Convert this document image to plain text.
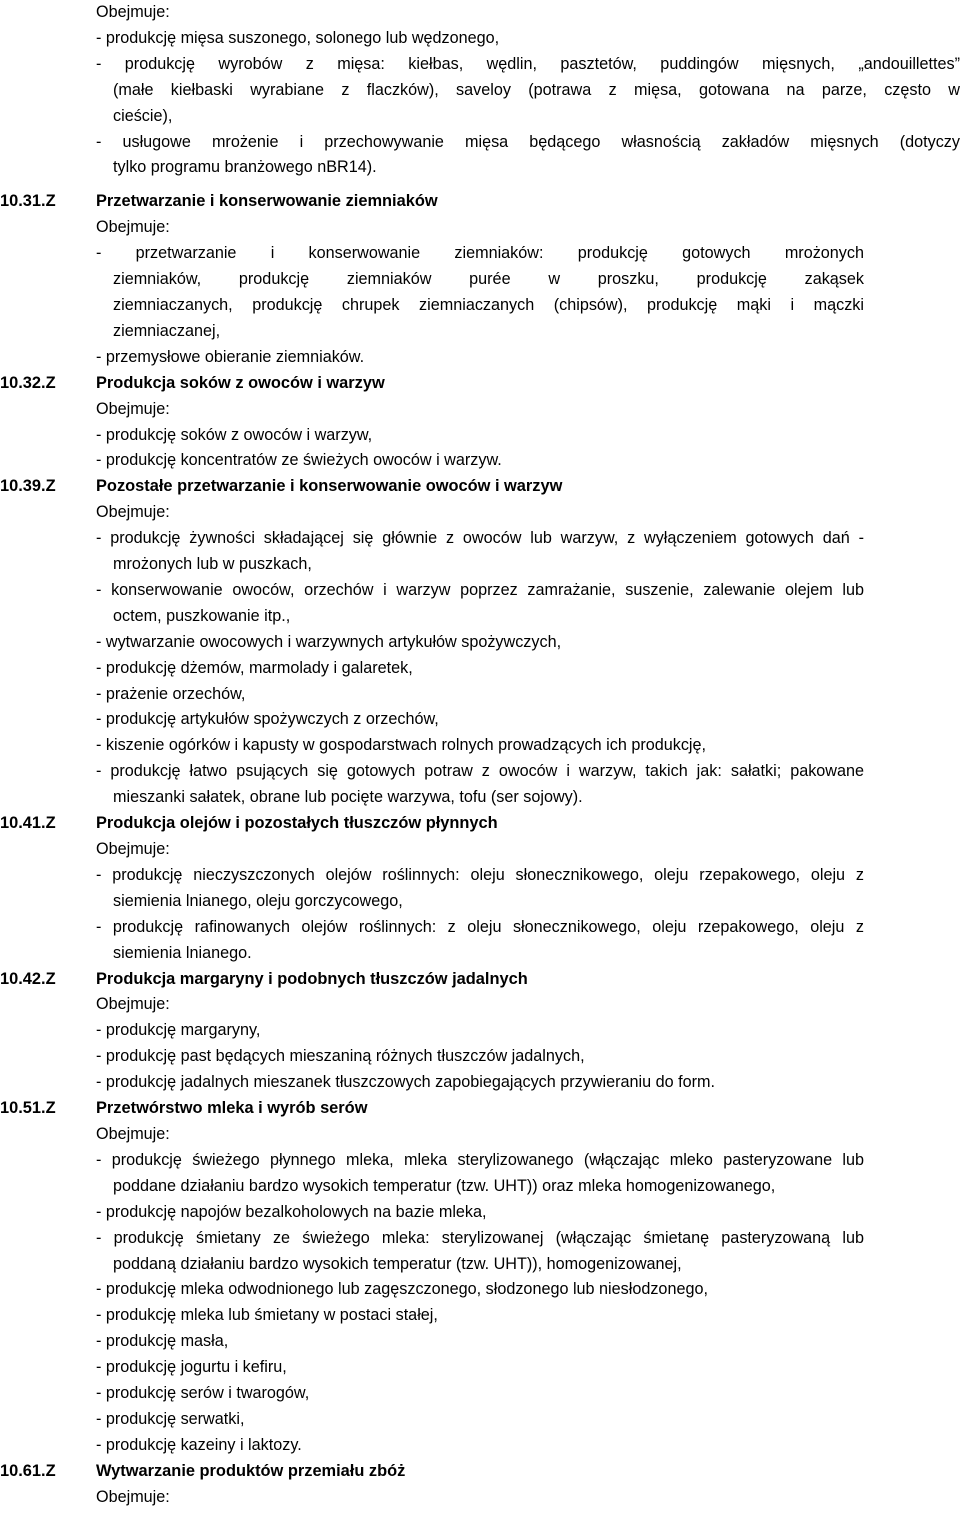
Obejmuje:
- produkcję mięsa suszonego, solonego lub wędzonego,
- produkcję wyrobów z mięsa: kiełbas, wędlin, pasztetów, puddingów mięsnych, „andouillettes”
(małe kiełbaski wyrabiane z flaczków), saveloy (potrawa z mięsa, gotowana na parze, często w
cieście),
- usługowe mrożenie i przechowywanie mięsa będącego własnością zakładów mięsnych (dotyczy
tylko programu branżowego nBR14).
10.31.Z	Przetwarzanie i konserwowanie ziemniaków
Obejmuje:
- przetwarzanie i konserwowanie ziemniaków: produkcję gotowych mrożonych
ziemniaków, produkcję ziemniaków purée w proszku, produkcję zakąsek
ziemniaczanych, produkcję chrupek ziemniaczanych (chipsów), produkcję mąki i mączki
ziemniaczanej,
- przemysłowe obieranie ziemniaków.
10.32.Z	Produkcja soków z owoców i warzyw
Obejmuje:
- produkcję soków z owoców i warzyw,
- produkcję koncentratów ze świeżych owoców i warzyw.
10.39.Z	Pozostałe przetwarzanie i konserwowanie owoców i warzyw
Obejmuje:
- produkcję żywności składającej się głównie z owoców lub warzyw, z wyłączeniem gotowych dań -
mrożonych lub w puszkach,
- konserwowanie owoców, orzechów i warzyw poprzez zamrażanie, suszenie, zalewanie olejem lub
octem, puszkowanie itp.,
- wytwarzanie owocowych i warzywnych artykułów spożywczych,
- produkcję dżemów, marmolady i galaretek,
- prażenie orzechów,
- produkcję artykułów spożywczych z orzechów,
- kiszenie ogórków i kapusty w gospodarstwach rolnych prowadzących ich produkcję,
- produkcję łatwo psujących się gotowych potraw z owoców i warzyw, takich jak: sałatki; pakowane
mieszanki sałatek, obrane lub pocięte warzywa, tofu (ser sojowy).
10.41.Z	Produkcja olejów i pozostałych tłuszczów płynnych
Obejmuje:
- produkcję nieczyszczonych olejów roślinnych: oleju słonecznikowego, oleju rzepakowego, oleju z
siemienia lnianego, oleju gorczycowego,
- produkcję rafinowanych olejów roślinnych: z oleju słonecznikowego, oleju rzepakowego, oleju z
siemienia lnianego.
10.42.Z	Produkcja margaryny i podobnych tłuszczów jadalnych
Obejmuje:
- produkcję margaryny,
- produkcję past będących mieszaniną różnych tłuszczów jadalnych,
- produkcję jadalnych mieszanek tłuszczowych zapobiegających przywieraniu do form.
10.51.Z	Przetwórstwo mleka i wyrób serów
Obejmuje:
- produkcję świeżego płynnego mleka, mleka sterylizowanego (włączając mleko pasteryzowane lub
poddane działaniu bardzo wysokich temperatur (tzw. UHT)) oraz mleka homogenizowanego,
- produkcję napojów bezalkoholowych na bazie mleka,
- produkcję śmietany ze świeżego mleka: sterylizowanej (włączając śmietanę pasteryzowaną lub
poddaną działaniu bardzo wysokich temperatur (tzw. UHT)), homogenizowanej,
- produkcję mleka odwodnionego lub zagęszczonego, słodzonego lub niesłodzonego,
- produkcję mleka lub śmietany w postaci stałej,
- produkcję masła,
- produkcję jogurtu i kefiru,
- produkcję serów i twarogów,
- produkcję serwatki,
- produkcję kazeiny i laktozy.
10.61.Z	Wytwarzanie produktów przemiału zbóż
Obejmuje:
